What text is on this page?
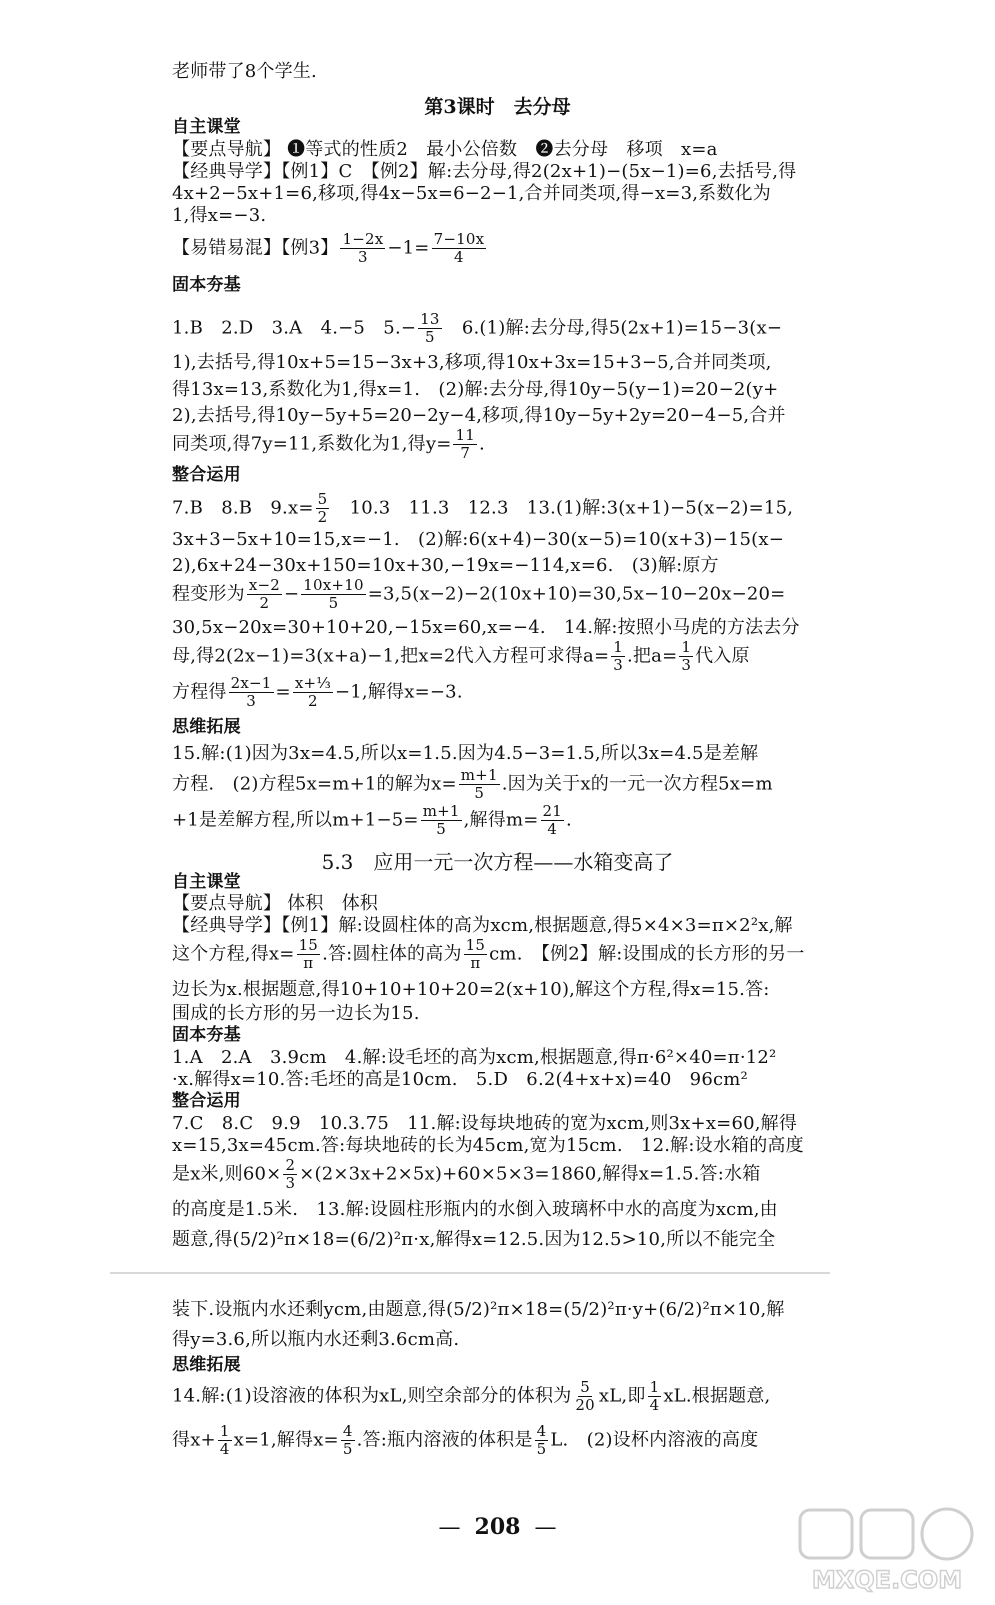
老师带了8个学生.
第3课时　去分母
自主课堂
【要点导航】 ❶等式的性质2　最小公倍数　❷去分母　移项　x=a
【经典导学】【例1】C　【例2】解:去分母,得2(2x+1)−(5x−1)=6,去括号,得
4x+2−5x+1=6,移项,得4x−5x=6−2−1,合并同类项,得−x=3,系数化为
1,得x=−3.
【易错易混】【例3】 $\frac{1-2x}{3} -1= \frac{7-10x}{4}$
固本夯基
1.B　2.D　3.A　4.−5　$5.- \frac{13}{5}$ 　6.(1)解:去分母,得5(2x+1)=15−3(x−
1),去括号,得10x+5=15−3x+3,移项,得10x+3x=15+3−5,合并同类项,
得13x=13,系数化为1,得x=1.　(2)解:去分母,得10y−5(y−1)=20−2(y+
2),去括号,得10y−5y+5=20−2y−4,移项,得10y−5y+2y=20−4−5,合并
同类项,得7y=11,系数化为1,得$y= \frac{11}{7}$ .
整合运用
7.B　8.B　$9.x= \frac{5}{2}$ 　10.3　11.3　12.3　13.(1)解:3(x+1)−5(x−2)=15,
3x+3−5x+10=15,x=−1.　(2)解:6(x+4)−30(x−5)=10(x+3)−15(x−
2),6x+24−30x+150=10x+30,−19x=−114,x=6.　(3)解:原方
程变形为 $\frac{x-2}{2} - \frac{10x+10}{5} =3,5(x-2)-2(10x+10)=30,5x-10-20x-20=$
30,5x−20x=30+10+20,−15x=60,x=−4.　14.解:按照小马虎的方法去分
母,得2(2x−1)=3(x+a)−1,把x=2代入方程可求得$a= \frac{1}{3}$ .把$a= \frac{1}{3}$ 代入原
方程得 $\frac{2x-1}{3} = \frac{\text{x+⅓}}{2} -1$,解得x=−3.
思维拓展
15.解:(1)因为3x=4.5,所以x=1.5.因为4.5−3=1.5,所以3x=4.5是差解
方程.　(2)方程5x=m+1的解为$x= \frac{m+1}{5}$ .因为关于x的一元一次方程5x=m
+1是差解方程,所以$m+1-5= \frac{m+1}{5}$ ,解得$m= \frac{21}{4}$ .
5.3　应用一元一次方程——水箱变高了
自主课堂
【要点导航】 体积　体积
【经典导学】【例1】解:设圆柱体的高为xcm,根据题意,得5×4×3=π×2²x,解
这个方程,得$x= \frac{15}{\pi}$ .答:圆柱体的高为 $\frac{15}{\pi}$ cm.　【例2】解:设围成的长方形的另一
边长为x.根据题意,得10+10+10+20=2(x+10),解这个方程,得x=15.答:
围成的长方形的另一边长为15.
固本夯基
1.A　2.A　3.9cm　4.解:设毛坯的高为xcm,根据题意,得π·6²×40=π·12²
·x.解得x=10.答:毛坯的高是10cm.　5.D　6.2(4+x+x)=40　96cm²
整合运用
7.C　8.C　9.9　10.3.75　11.解:设每块地砖的宽为xcm,则3x+x=60,解得
x=15,3x=45cm.答:每块地砖的长为45cm,宽为15cm.　12.解:设水箱的高度
是x米,则$60\times \frac{2}{3} \times(2\times 3x+2\times 5x)+60\times 5\times 3=1860$,解得x=1.5.答:水箱
的高度是1.5米.　13.解:设圆柱形瓶内的水倒入玻璃杯中水的高度为xcm,由
题意,得(5/2)²π×18=(6/2)²π·x,解得x=12.5.因为12.5>10,所以不能完全
装下.设瓶内水还剩ycm,由题意,得(5/2)²π×18=(5/2)²π·y+(6/2)²π×10,解
得y=3.6,所以瓶内水还剩3.6cm高.
思维拓展
14.解:(1)设溶液的体积为xL,则空余部分的体积为 $\frac{5}{20}$ xL,即 $\frac{1}{4}$ xL.根据题意,
得$x+ \frac{1}{4} x=1$,解得$x= \frac{4}{5}$ .答:瓶内溶液的体积是 $\frac{4}{5} L$.　(2)设杯内溶液的高度
— 208 —
MXQE.COM
